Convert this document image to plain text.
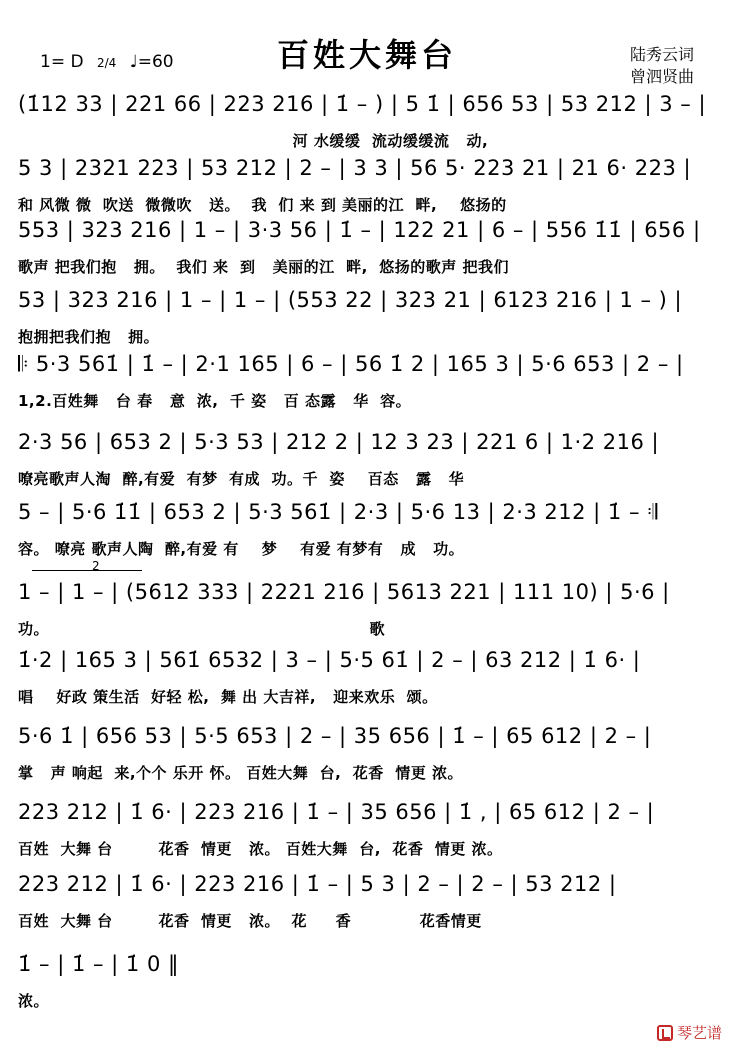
百姓大舞台
1= D 2/4 ♩=60	陆秀云词
曾泗贤曲
(1̇12 33 | 221 66 | 223 216 | 1̇ – ) | 5 1̇ | 656 53 | 53 212 | 3 – |
河 水缓缓  流动缓缓流   动,
5 3 | 2321 223 | 53 212 | 2 – | 3 3 | 56 5· 223 21 | 21 6· 223 |
和 风微 微  吹送  微微吹   送。  我  们 来 到 美丽的江  畔,    悠扬的
553 | 323 216 | 1 – | 3·3 56 | 1̇ – | 122 21 | 6 – | 556 1̇1̇ | 656 |
歌声 把我们抱   拥。  我们 来  到   美丽的江  畔,  悠扬的歌声 把我们
53 | 323 216 | 1 – | 1 – | (553 22 | 323 21 | 6123 216 | 1 – ) |
抱拥把我们抱   拥。
𝄆 5·3 561̇ | 1̇ – | 2·1 165 | 6 – | 56 1̇ 2 | 165 3 | 5·6 653 | 2 – |
1,2.百姓舞   台 春   意  浓,  千 姿   百 态露   华  容。
2·3 56 | 653 2 | 5·3 53 | 212 2 | 12 3 23 | 221 6 | 1·2 216 |
嘹亮歌声人淘  醉,有爱  有梦  有成  功。千  姿    百态   露   华
5 – | 5·6 1̇1̇ | 653 2 | 5·3 561̇ | 2·3 | 5·6 13 | 2·3 212 | 1̇ – 𝄇
容。 嘹亮 歌声人陶  醉,有爱 有    梦    有爱 有梦有   成   功。
1 – | 1 – | (5612 333 | 2221 216 | 5613 221 | 111 10) | 5·6 |
功。                                                        歌
2
1̇·2 | 165 3 | 561̇ 6532 | 3 – | 5·5 61̇ | 2 – | 63 212 | 1̇ 6· |
唱    好政 策生活  好轻 松,  舞 出 大吉祥,   迎来欢乐  颂。
5·6 1̇ | 656 53 | 5·5 653 | 2 – | 35 656 | 1̇ – | 65 612 | 2 – |
掌   声 响起  来,个个 乐开 怀。 百姓大舞  台,  花香  情更 浓。
223 212 | 1̇ 6· | 223 216 | 1̇ – | 35 656 | 1̇ , | 65 612 | 2 – |
百姓  大舞 台        花香  情更   浓。 百姓大舞  台,  花香  情更 浓。
223 212 | 1̇ 6· | 223 216 | 1̇ – | 5 3 | 2 – | 2 – | 53 212 |
百姓  大舞 台        花香  情更   浓。  花     香            花香情更
1̇ – | 1̇ – | 1̇ 0 ‖
浓。
琴艺谱
